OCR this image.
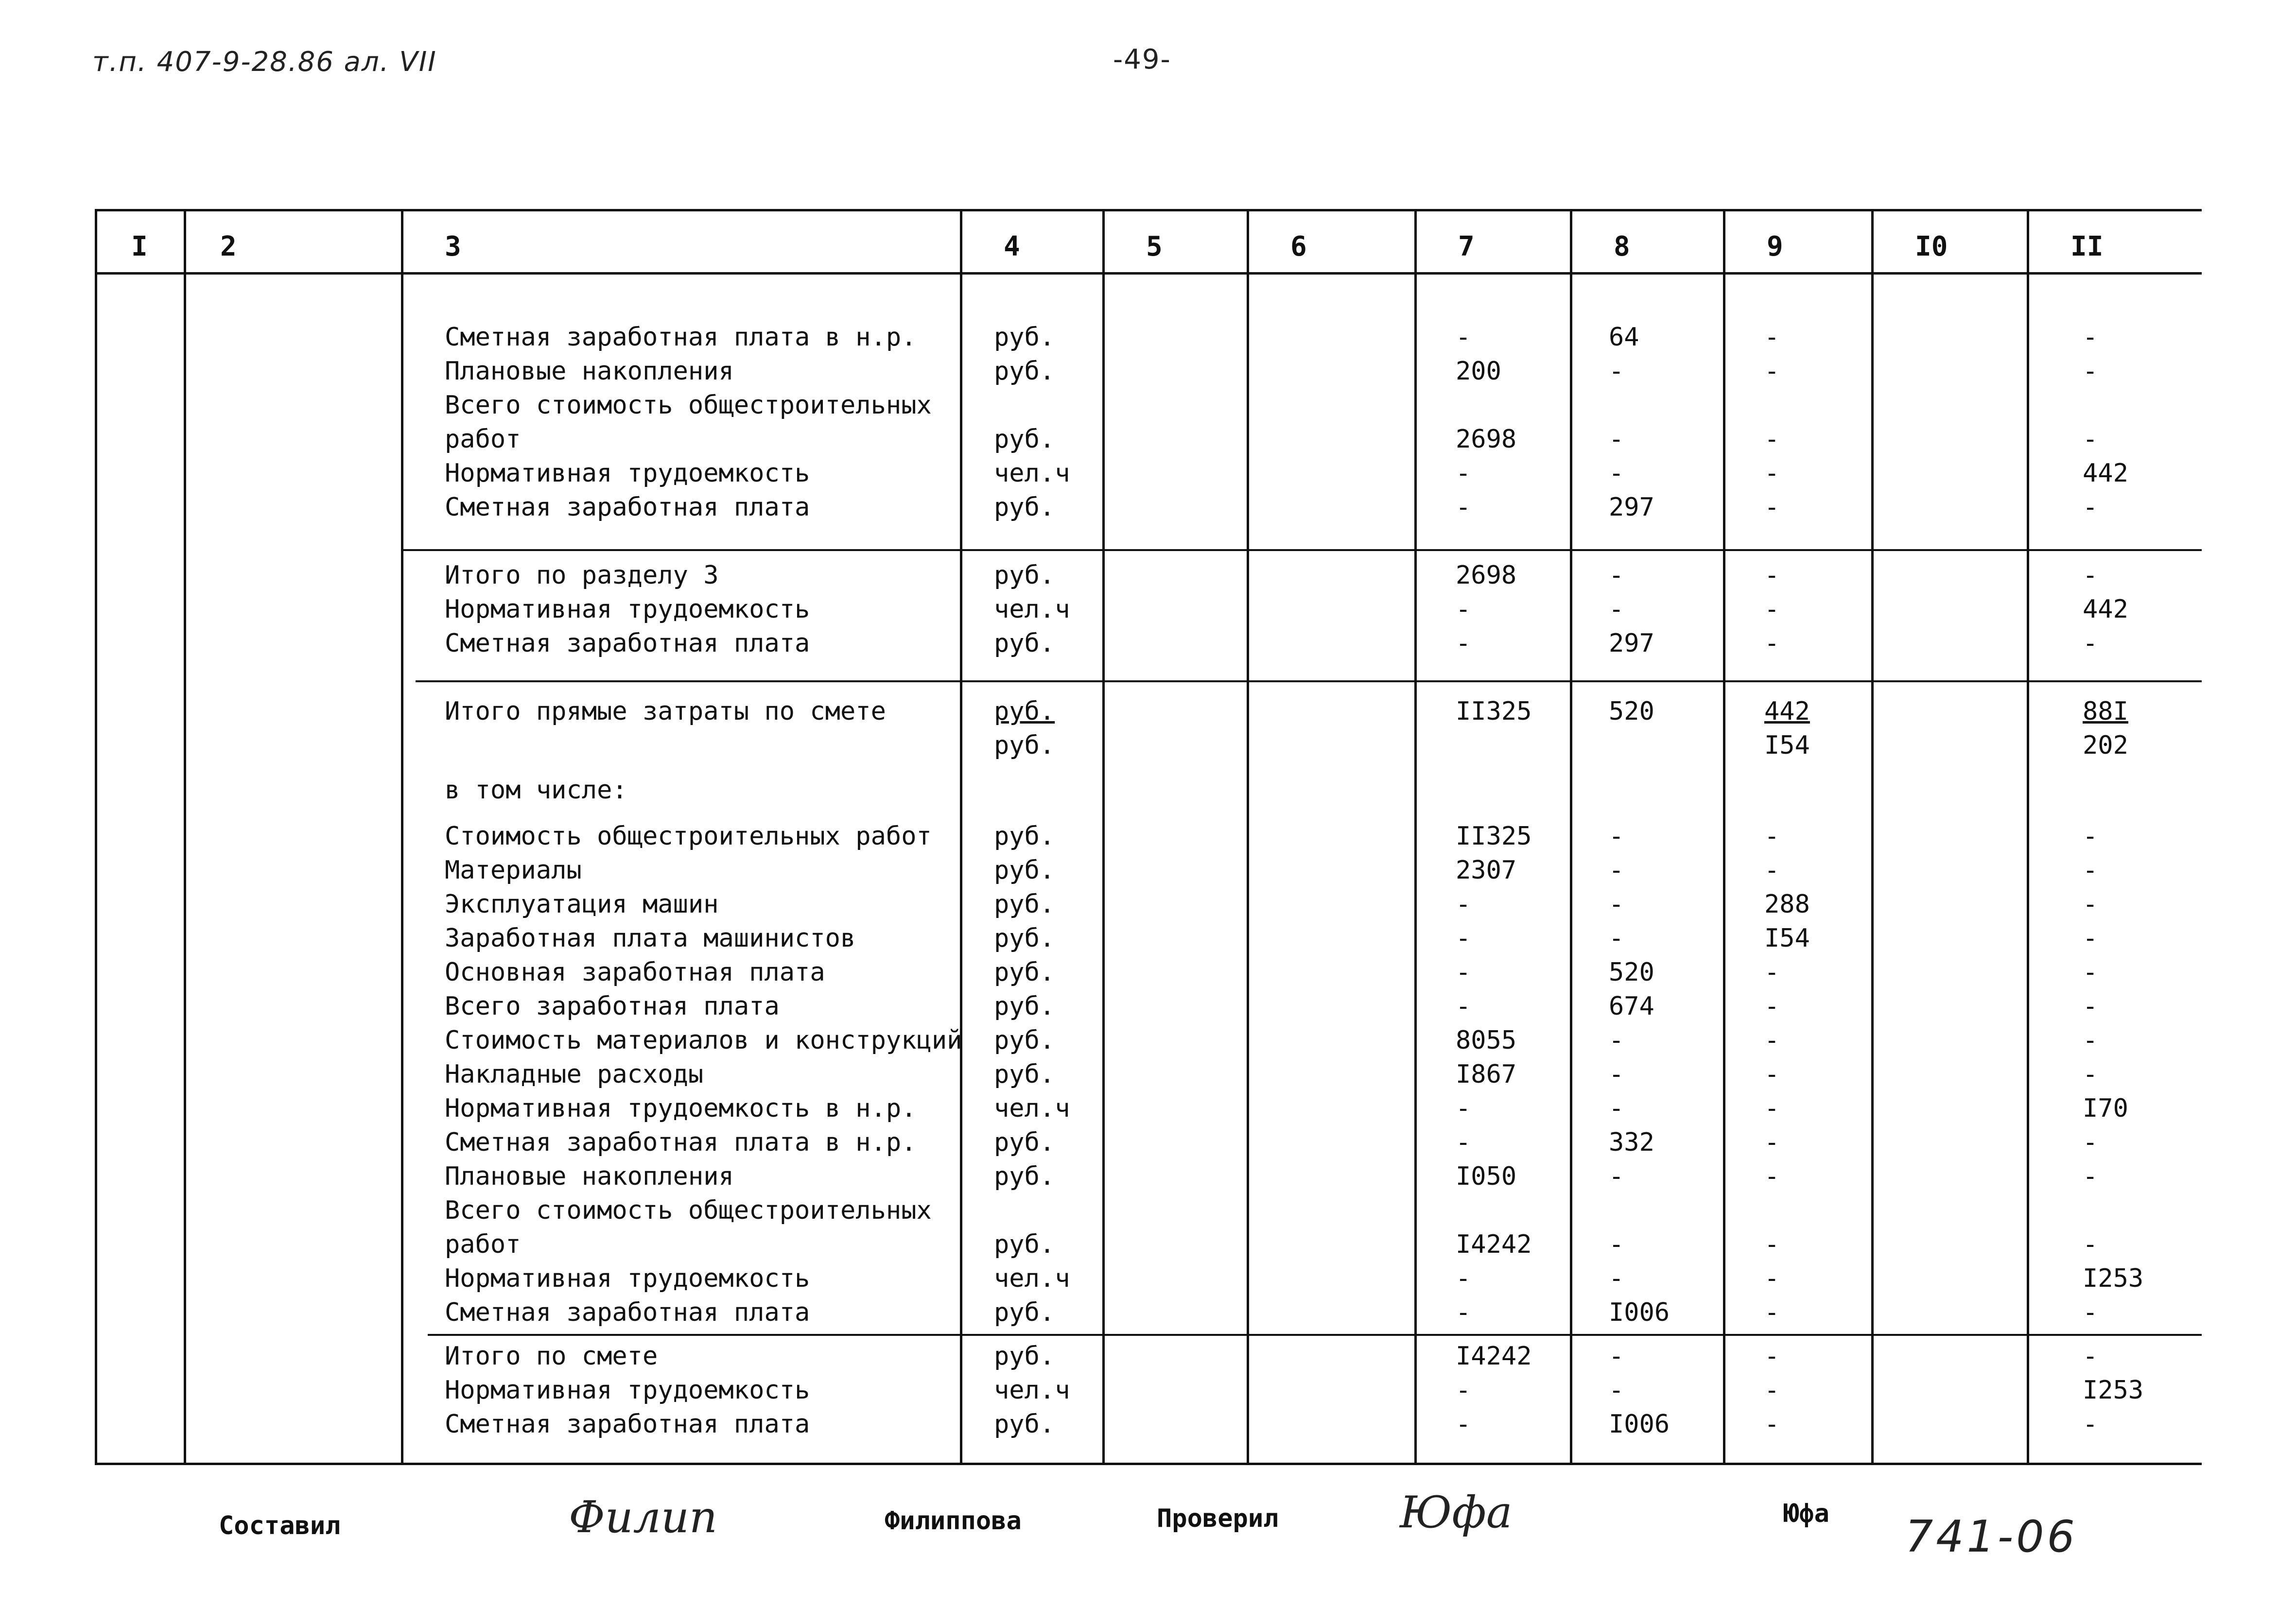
т.п. 407-9-28.86 ал. VII	-49-
I	2	3	4	5	6	7	8	9	I0	II
Сметная заработная плата в н.р.	руб.	-	64	-	-
Плановые накопления	руб.	200	-	-	-
Всего стоимость общестроительных
работ	руб.	2698	-	-	-
Нормативная трудоемкость	чел.ч	-	-	-	442
Сметная заработная плата	руб.	-	297	-	-
Итого по разделу 3	руб.	2698	-	-	-
Нормативная трудоемкость	чел.ч	-	-	-	442
Сметная заработная плата	руб.	-	297	-	-
Итого прямые затраты по смете	руб.	II325	520	442	88I
руб.	I54	202
в том числе:
Стоимость общестроительных работ руб.	II325	-	-	-
Материалы	руб.	2307	-	-	-
Эксплуатация машин	руб.	-	-	288	-
Заработная плата машинистов	руб.	-	-	I54	-
Основная заработная плата	руб.	-	520	-	-
Всего заработная плата	руб.	-	674	-	-
Стоимость материалов и конструкций руб.	8055	-	-	-
Накладные расходы	руб.	I867	-	-	-
Нормативная трудоемкость в н.р.	чел.ч	-	-	-	I70
Сметная заработная плата в н.р.	руб.	-	332	-	-
Плановые накопления	руб.	I050	-	-	-
Всего стоимость общестроительных
работ	руб.	I4242	-	-	-
Нормативная трудоемкость	чел.ч	-	-	-	I253
Сметная заработная плата	руб.	-	I006	-	-
Итого по смете	руб.	I4242	-	-	-
Нормативная трудоемкость	чел.ч	-	-	-	I253
Сметная заработная плата	руб.	-	I006	-	-
Составил	Филип	Филиппова	Проверил	Юфа	Юфа 741-06
